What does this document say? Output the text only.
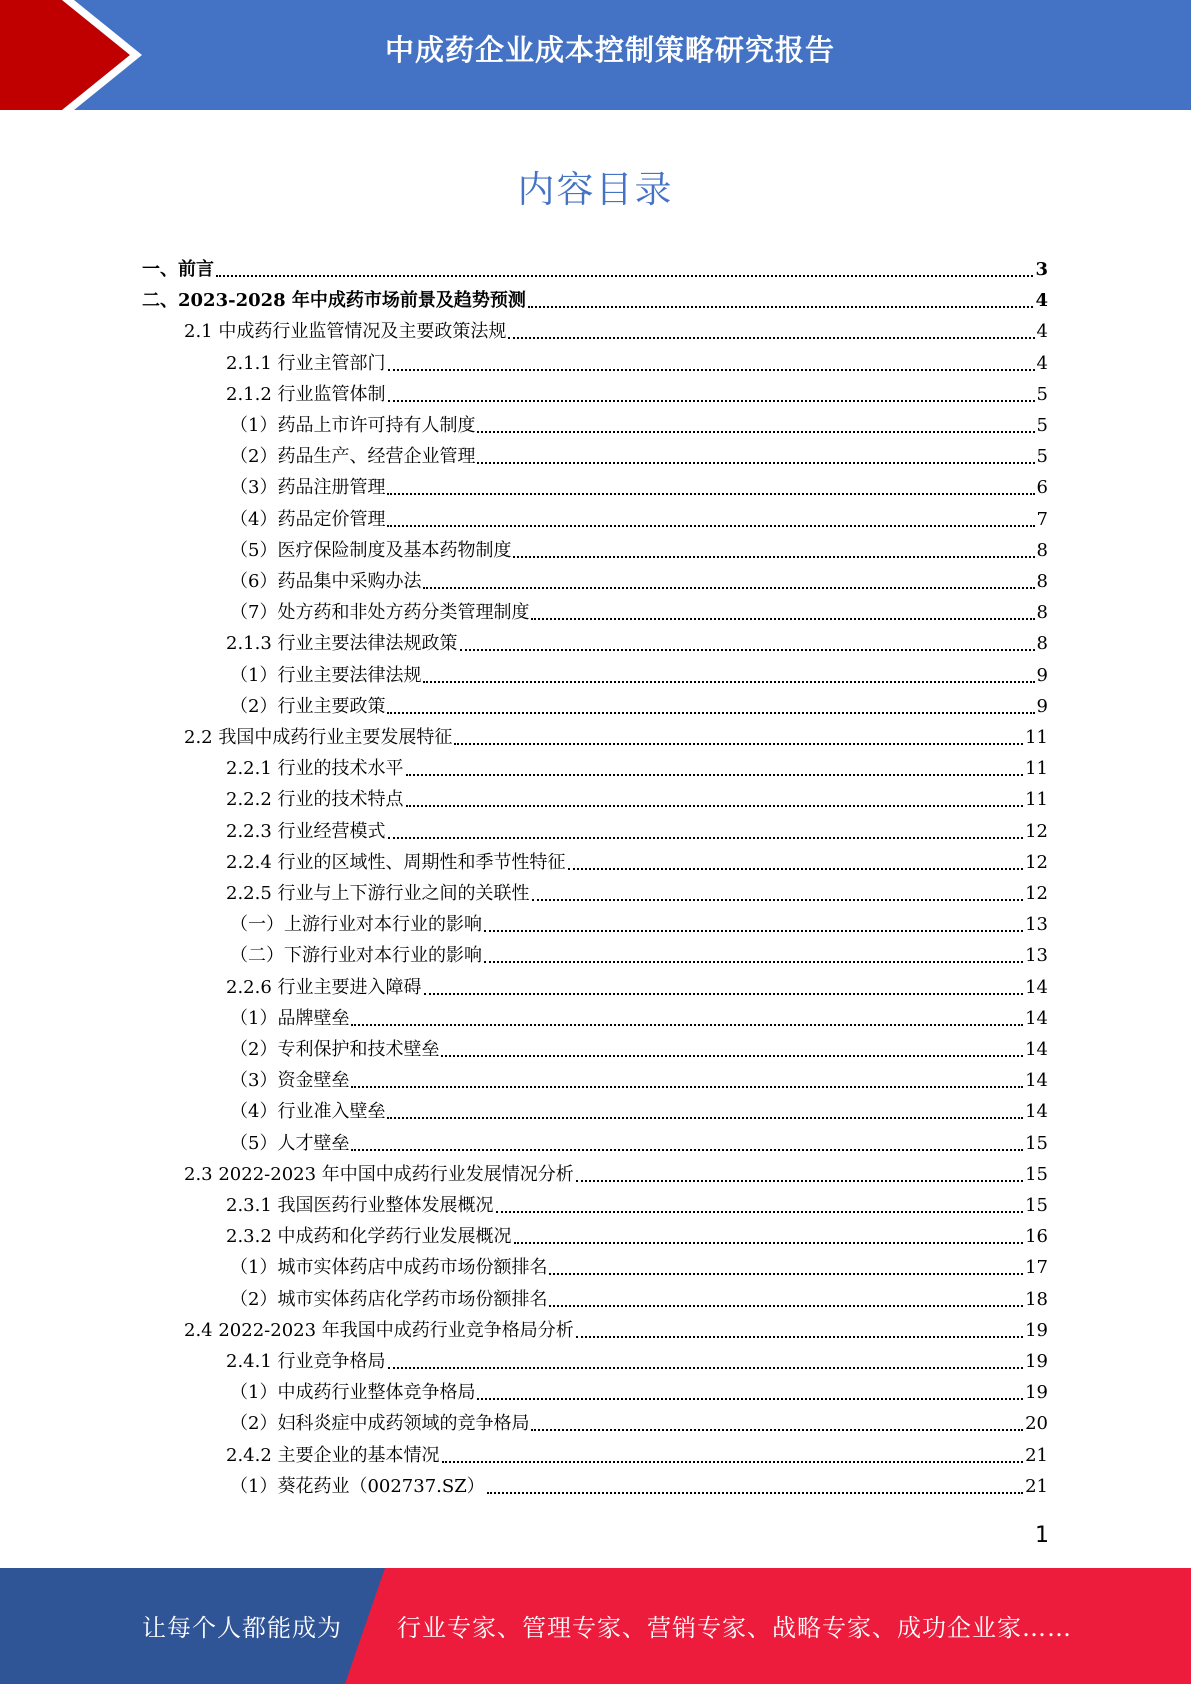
中成药企业成本控制策略研究报告
内容目录
一、前言	3
二、2023-2028 年中成药市场前景及趋势预测	4
2.1 中成药行业监管情况及主要政策法规	4
2.1.1 行业主管部门	4
2.1.2 行业监管体制	5
（1）药品上市许可持有人制度	5
（2）药品生产、经营企业管理	5
（3）药品注册管理	6
（4）药品定价管理	7
（5）医疗保险制度及基本药物制度	8
（6）药品集中采购办法	8
（7）处方药和非处方药分类管理制度	8
2.1.3 行业主要法律法规政策	8
（1）行业主要法律法规	9
（2）行业主要政策	9
2.2 我国中成药行业主要发展特征	11
2.2.1 行业的技术水平	11
2.2.2 行业的技术特点	11
2.2.3 行业经营模式	12
2.2.4 行业的区域性、周期性和季节性特征	12
2.2.5 行业与上下游行业之间的关联性	12
（一）上游行业对本行业的影响	13
（二）下游行业对本行业的影响	13
2.2.6 行业主要进入障碍	14
（1）品牌壁垒	14
（2）专利保护和技术壁垒	14
（3）资金壁垒	14
（4）行业准入壁垒	14
（5）人才壁垒	15
2.3 2022-2023 年中国中成药行业发展情况分析	15
2.3.1 我国医药行业整体发展概况	15
2.3.2 中成药和化学药行业发展概况	16
（1）城市实体药店中成药市场份额排名	17
（2）城市实体药店化学药市场份额排名	18
2.4 2022-2023 年我国中成药行业竞争格局分析	19
2.4.1 行业竞争格局	19
（1）中成药行业整体竞争格局	19
（2）妇科炎症中成药领域的竞争格局	20
2.4.2 主要企业的基本情况	21
（1）葵花药业（002737.SZ）	21
1
让每个人都能成为 行业专家、管理专家、营销专家、战略专家、成功企业家……
